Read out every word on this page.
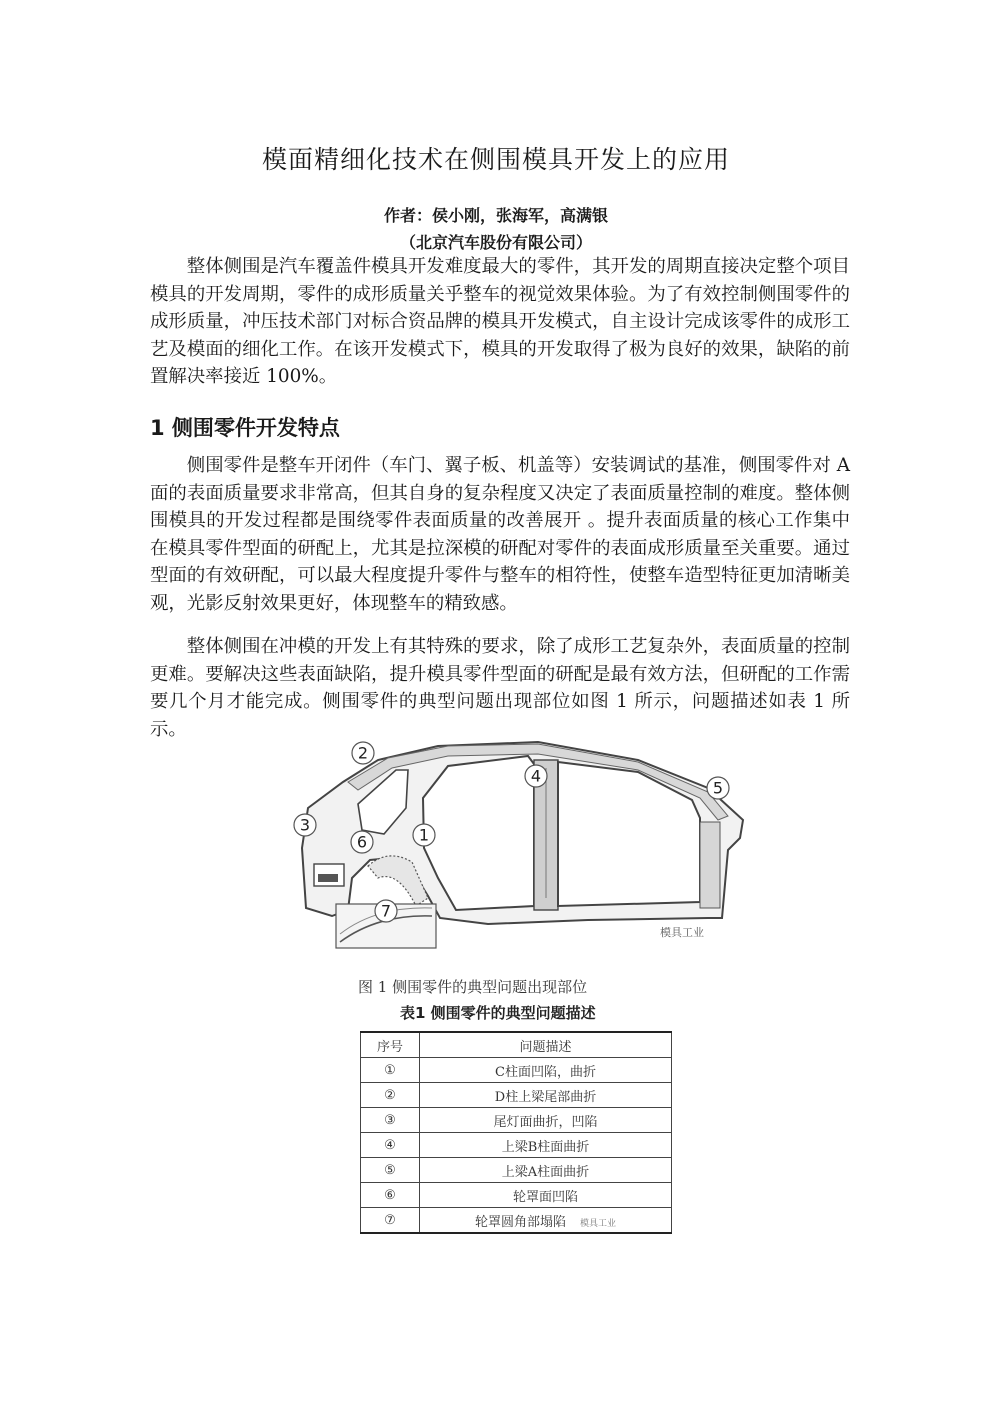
模面精细化技术在侧围模具开发上的应用
作者：侯小刚，张海军，高满银
（北京汽车股份有限公司）

整体侧围是汽车覆盖件模具开发难度最大的零件，其开发的周期直接决定整个项目模具的开发周期，零件的成形质量关乎整车的视觉效果体验。为了有效控制侧围零件的成形质量，冲压技术部门对标合资品牌的模具开发模式，自主设计完成该零件的成形工艺及模面的细化工作。在该开发模式下，模具的开发取得了极为良好的效果，缺陷的前置解决率接近 100%。

1 侧围零件开发特点

侧围零件是整车开闭件（车门、翼子板、机盖等）安装调试的基准，侧围零件对 A 面的表面质量要求非常高，但其自身的复杂程度又决定了表面质量控制的难度。整体侧围模具的开发过程都是围绕零件表面质量的改善展开 。提升表面质量的核心工作集中在模具零件型面的研配上，尤其是拉深模的研配对零件的表面成形质量至关重要。通过型面的有效研配，可以最大程度提升零件与整车的相符性，使整车造型特征更加清晰美观，光影反射效果更好，体现整车的精致感。

整体侧围在冲模的开发上有其特殊的要求，除了成形工艺复杂外，表面质量的控制更难。要解决这些表面缺陷，提升模具零件型面的研配是最有效方法，但研配的工作需要几个月才能完成。侧围零件的典型问题出现部位如图 1 所示，问题描述如表 1 所示。

1
2
3
4
5
6
7
模具工业
图 1 侧围零件的典型问题出现部位
表1 侧围零件的典型问题描述
序号	问题描述
①	C柱面凹陷，曲折
②	D柱上梁尾部曲折
③	尾灯面曲折，凹陷
④	上梁B柱面曲折
⑤	上梁A柱面曲折
⑥	轮罩面凹陷
⑦	轮罩圆角部塌陷 模具工业
